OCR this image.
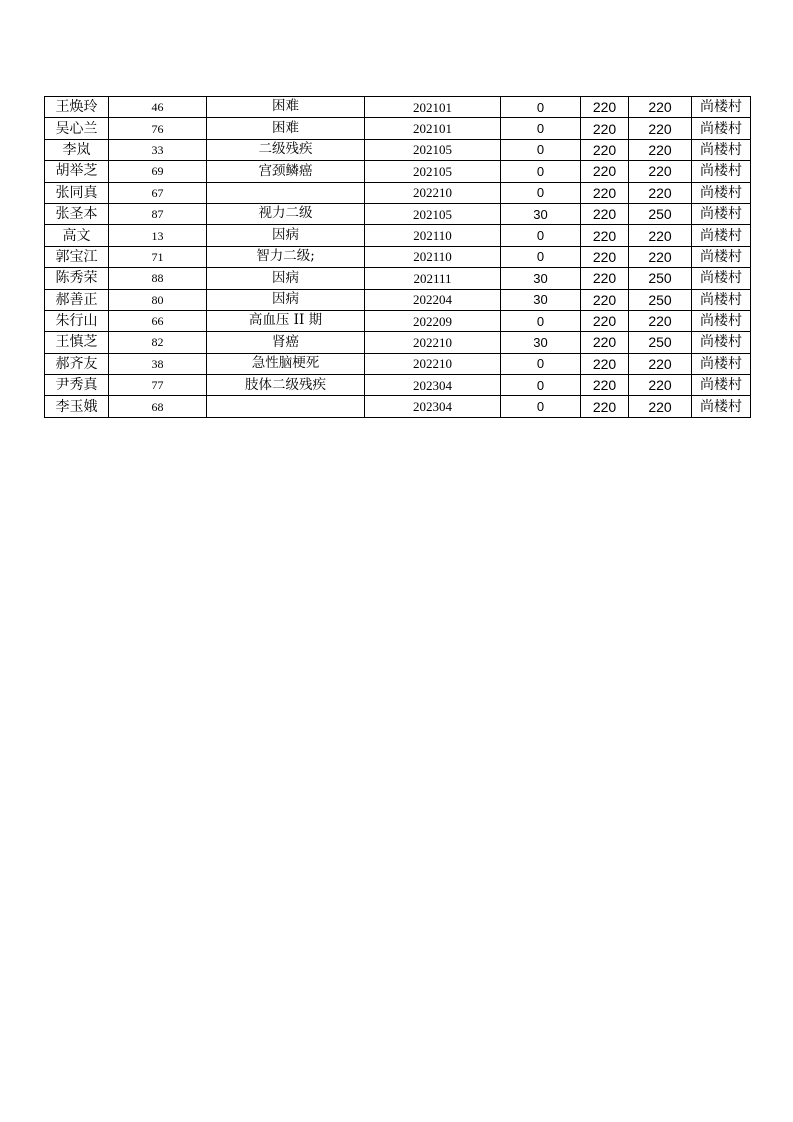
王焕玲	46	困难	202101	0	220	220	尚楼村
吴心兰	76	困难	202101	0	220	220	尚楼村
李岚	33	二级残疾	202105	0	220	220	尚楼村
胡举芝	69	宫颈鳞癌	202105	0	220	220	尚楼村
张同真	67		202210	0	220	220	尚楼村
张圣本	87	视力二级	202105	30	220	250	尚楼村
高文	13	因病	202110	0	220	220	尚楼村
郭宝江	71	智力二级;	202110	0	220	220	尚楼村
陈秀荣	88	因病	202111	30	220	250	尚楼村
郝善正	80	因病	202204	30	220	250	尚楼村
朱行山	66	高血压 II 期	202209	0	220	220	尚楼村
王慎芝	82	肾癌	202210	30	220	250	尚楼村
郝齐友	38	急性脑梗死	202210	0	220	220	尚楼村
尹秀真	77	肢体二级残疾	202304	0	220	220	尚楼村
李玉娥	68		202304	0	220	220	尚楼村
